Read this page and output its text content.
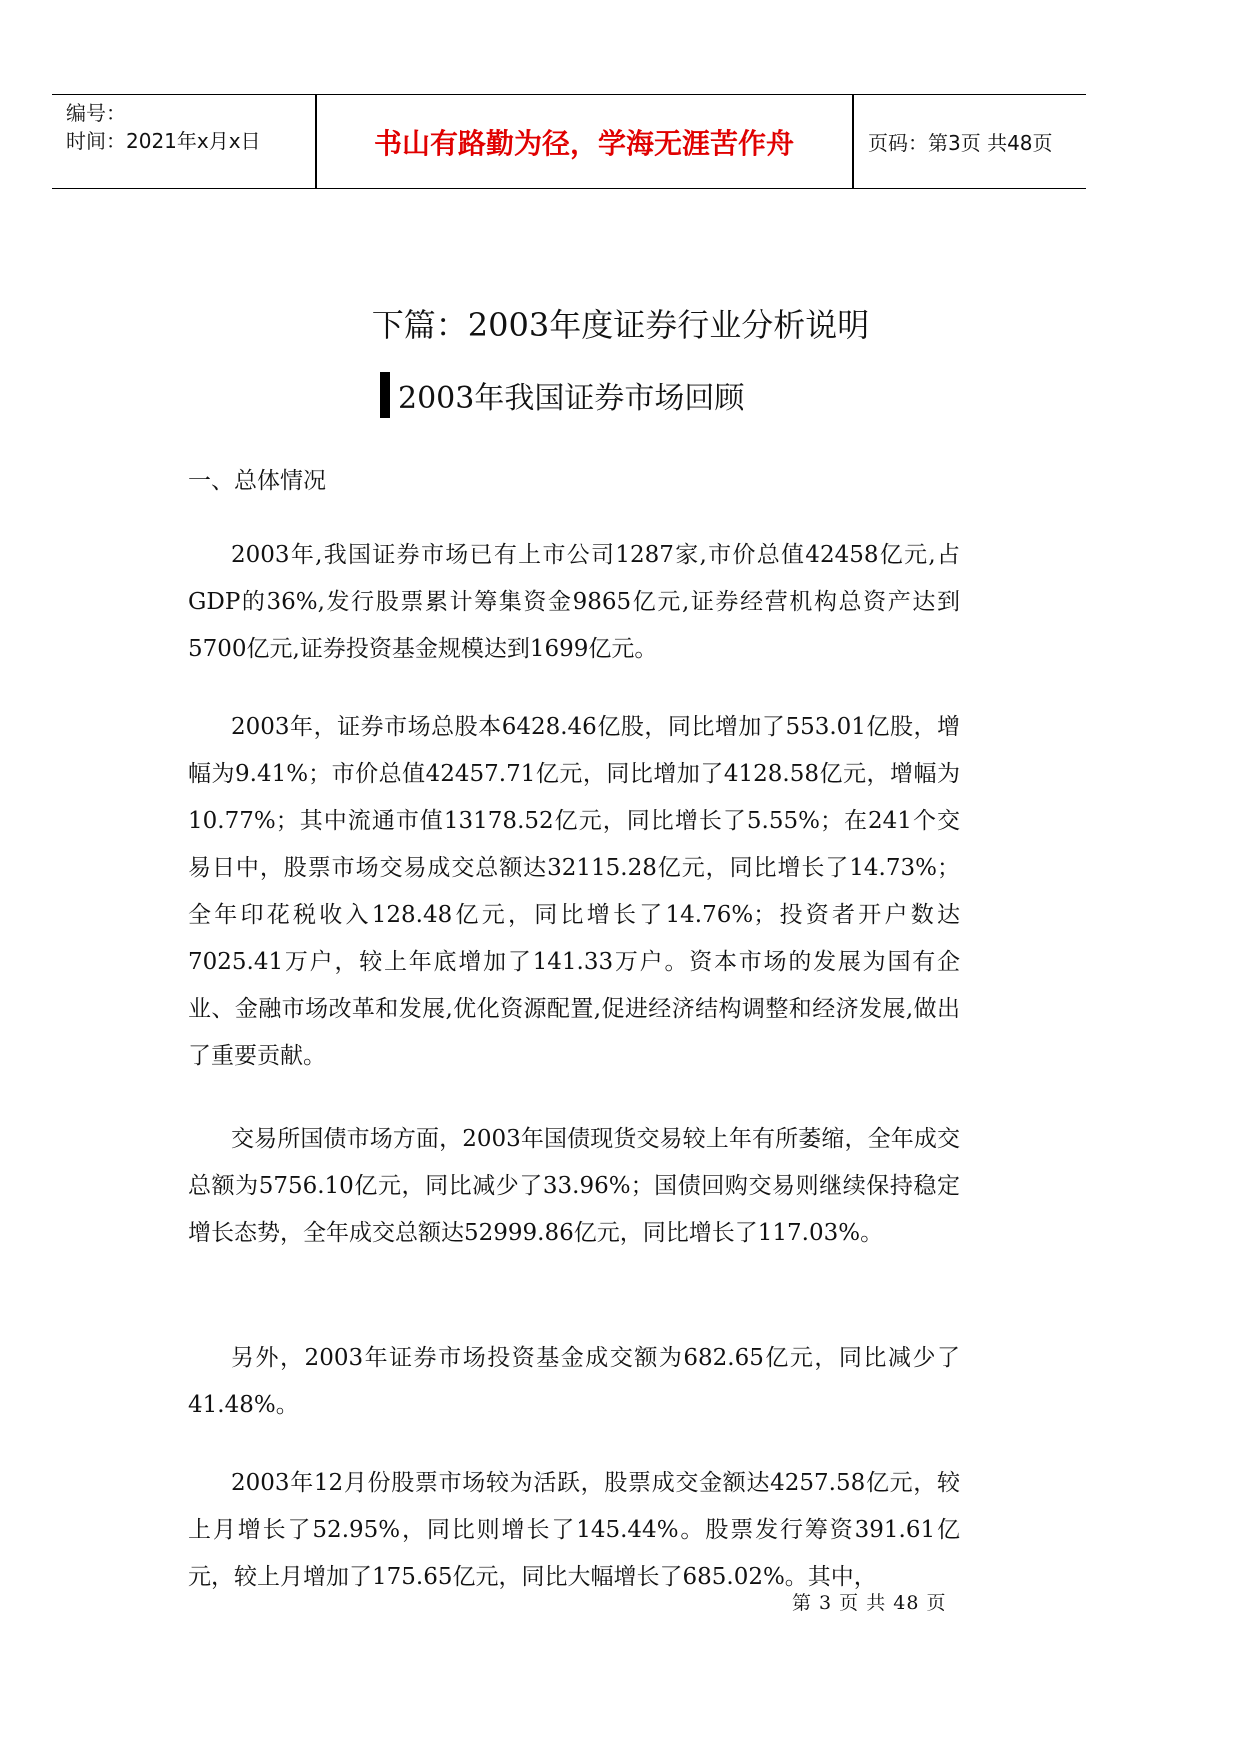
编号：
时间：2021年x月x日	书山有路勤为径，学海无涯苦作舟	页码：第3页 共48页
下篇：2003年度证券行业分析说明
2003年我国证券市场回顾
一、总体情况
2003年,我国证券市场已有上市公司1287家,市价总值42458亿元,占GDP的36%,发行股票累计筹集资金9865亿元,证券经营机构总资产达到5700亿元,证券投资基金规模达到1699亿元。
2003年，证券市场总股本6428.46亿股，同比增加了553.01亿股，增幅为9.41%；市价总值42457.71亿元，同比增加了4128.58亿元，增幅为10.77%；其中流通市值13178.52亿元，同比增长了5.55%；在241个交易日中，股票市场交易成交总额达32115.28亿元，同比增长了14.73%；全年印花税收入128.48亿元，同比增长了14.76%；投资者开户数达7025.41万户，较上年底增加了141.33万户。资本市场的发展为国有企业、金融市场改革和发展,优化资源配置,促进经济结构调整和经济发展,做出了重要贡献。
交易所国债市场方面，2003年国债现货交易较上年有所萎缩，全年成交总额为5756.10亿元，同比减少了33.96%；国债回购交易则继续保持稳定增长态势，全年成交总额达52999.86亿元，同比增长了117.03%。
另外，2003年证券市场投资基金成交额为682.65亿元，同比减少了41.48%。
2003年12月份股票市场较为活跃，股票成交金额达4257.58亿元，较上月增长了52.95%，同比则增长了145.44%。股票发行筹资391.61亿元，较上月增加了175.65亿元，同比大幅增长了685.02%。其中，
第 3 页 共 48 页
